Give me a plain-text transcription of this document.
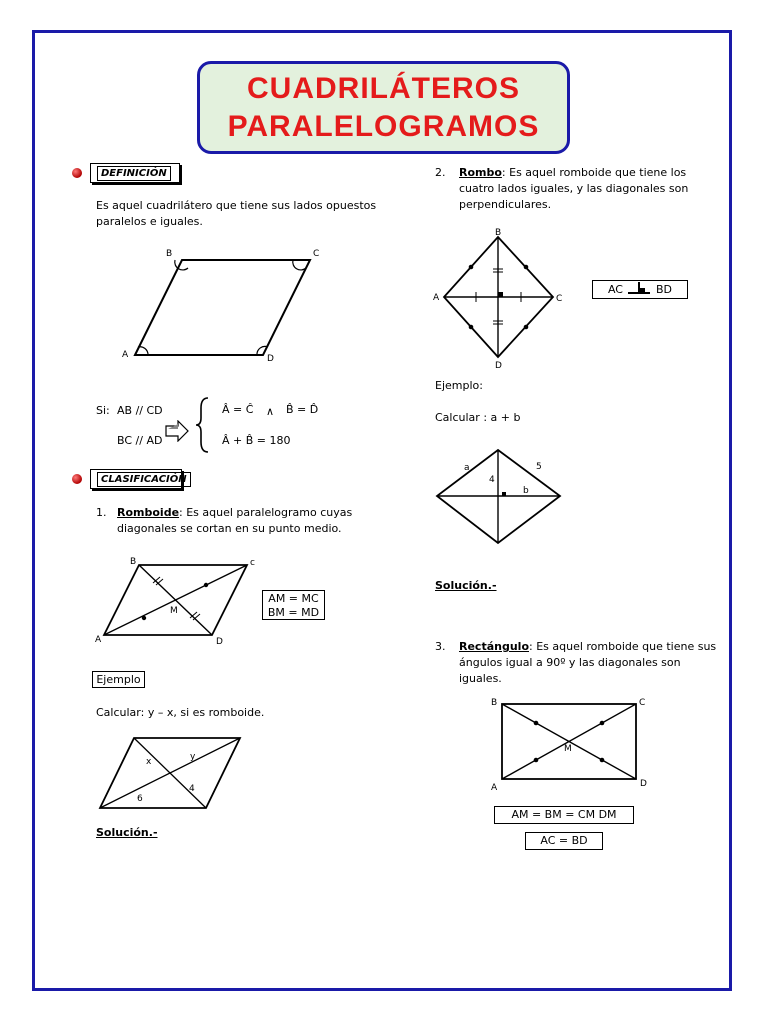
CUADRILÁTEROS
PARALELOGRAMOS
DEFINICIÓN
Es aquel cuadrilátero que tiene sus lados opuestos
paralelos e iguales.
B	C
A	D
Si: AB // CD
BC // AD
Â = Ĉ ∧ B̂ = D̂
Â + B̂ = 180
CLASIFICACIÓN
1. Romboide: Es aquel paralelogramo cuyas
diagonales se cortan en su punto medio.
B	c
A	D
M
AM = MC
BM = MD
Ejemplo
Calcular: y – x, si es romboide.
x	y
6
4
Solución.-
2. Rombo: Es aquel romboide que tiene los
cuatro lados iguales, y las diagonales son
perpendiculares.
B
A	C
D
AC	BD
Ejemplo:
Calcular : a + b
a	5
4
b
Solución.-
3. Rectángulo: Es aquel romboide que tiene sus
ángulos igual a 90º y las diagonales son
iguales.
B	C
A	D
M
AM = BM = CM DM
AC = BD
